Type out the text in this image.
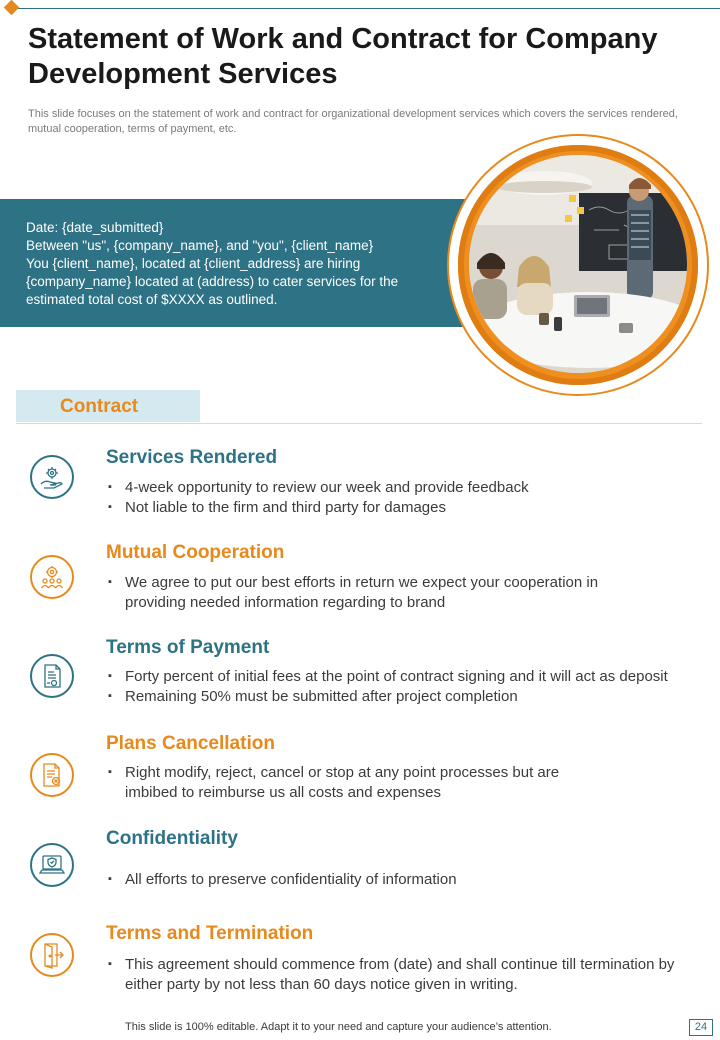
Statement of Work and Contract for Company Development Services
This slide focuses on the statement of work and contract for organizational development services which covers the services rendered, mutual cooperation, terms of payment, etc.
Date: {date_submitted}
Between "us", {company_name}, and "you", {client_name}
You {client_name}, located at {client_address} are hiring
{company_name} located at (address) to cater services for the
estimated total cost of $XXXX as outlined.
Contract
Services Rendered
▪ 4-week opportunity to review our week and provide feedback
▪ Not liable to the firm and third party for damages
Mutual Cooperation
▪ We agree to put our best efforts in return we expect your cooperation in providing needed information regarding to brand
Terms of Payment
▪ Forty percent of initial fees at the point of contract signing and it will act as deposit
▪ Remaining 50% must be submitted after project completion
Plans Cancellation
▪ Right modify, reject, cancel or stop at any point processes but are imbibed to reimburse us all costs and expenses
Confidentiality
▪ All efforts to preserve confidentiality of information
Terms and Termination
▪ This agreement should commence from (date) and shall continue till termination by either party by not less than 60 days notice given in writing.
This slide is 100% editable. Adapt it to your need and capture your audience’s attention.	24
